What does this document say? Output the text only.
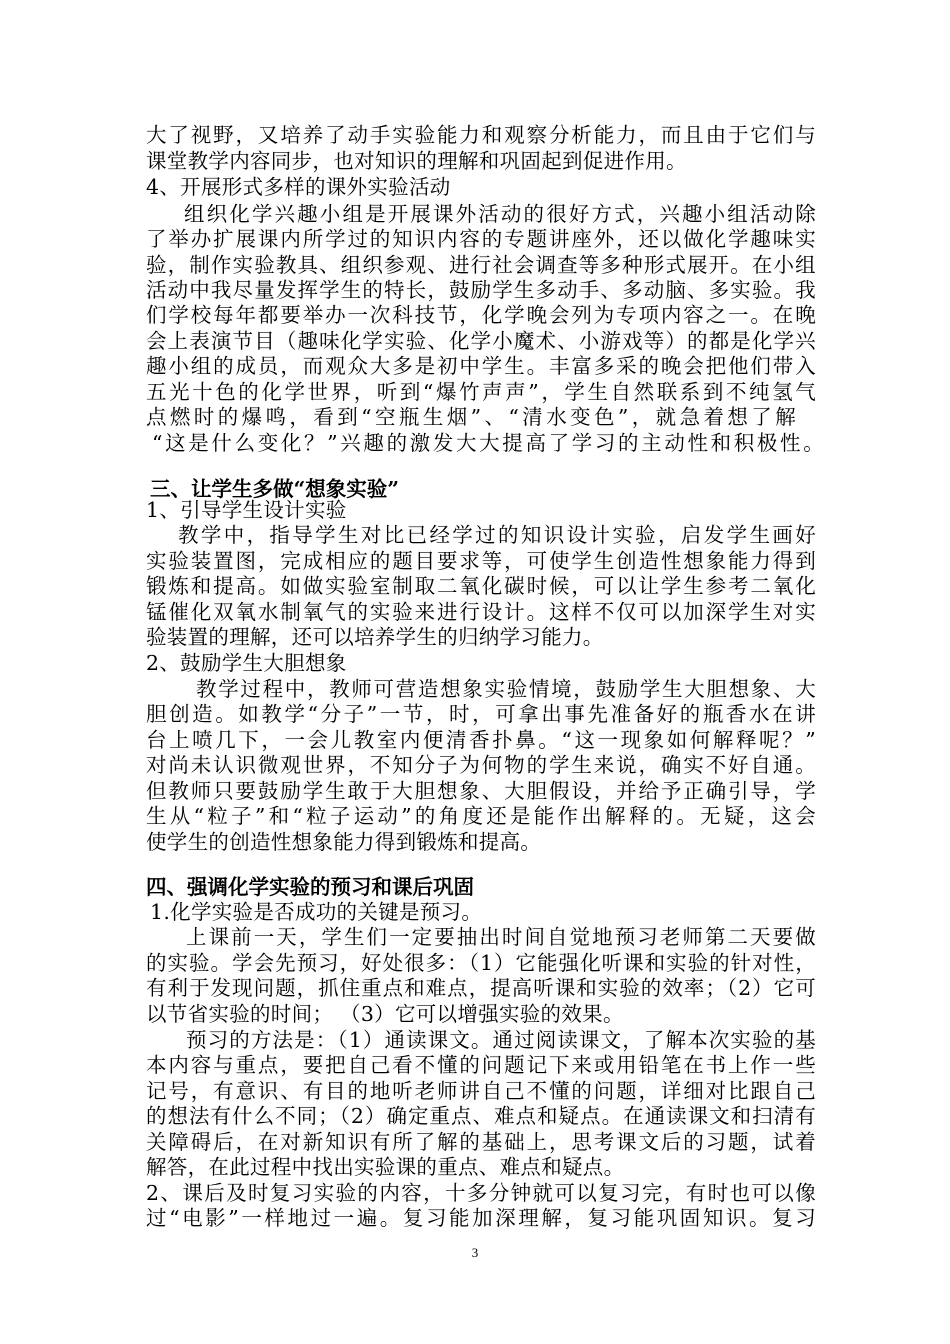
大了视野，又培养了动手实验能力和观察分析能力，而且由于它们与
课堂教学内容同步，也对知识的理解和巩固起到促进作用。
4、开展形式多样的课外实验活动
组织化学兴趣小组是开展课外活动的很好方式，兴趣小组活动除
了举办扩展课内所学过的知识内容的专题讲座外，还以做化学趣味实
验，制作实验教具、组织参观、进行社会调查等多种形式展开。在小组
活动中我尽量发挥学生的特长，鼓励学生多动手、多动脑、多实验。我
们学校每年都要举办一次科技节，化学晚会列为专项内容之一。在晚
会上表演节目（趣味化学实验、化学小魔术、小游戏等）的都是化学兴
趣小组的成员，而观众大多是初中学生。丰富多采的晚会把他们带入
五光十色的化学世界，听到“爆竹声声”，学生自然联系到不纯氢气
点燃时的爆鸣，看到“空瓶生烟”、“清水变色”，就急着想了解
“这是什么变化？”兴趣的激发大大提高了学习的主动性和积极性。
三、让学生多做“想象实验”
1、引导学生设计实验
教学中，指导学生对比已经学过的知识设计实验，启发学生画好
实验装置图，完成相应的题目要求等，可使学生创造性想象能力得到
锻炼和提高。如做实验室制取二氧化碳时候，可以让学生参考二氧化
锰催化双氧水制氧气的实验来进行设计。这样不仅可以加深学生对实
验装置的理解，还可以培养学生的归纳学习能力。
2、鼓励学生大胆想象
教学过程中，教师可营造想象实验情境，鼓励学生大胆想象、大
胆创造。如教学“分子”一节，时，可拿出事先准备好的瓶香水在讲
台上喷几下，一会儿教室内便清香扑鼻。“这一现象如何解释呢？”
对尚未认识微观世界，不知分子为何物的学生来说，确实不好自通。
但教师只要鼓励学生敢于大胆想象、大胆假设，并给予正确引导，学
生从“粒子”和“粒子运动”的角度还是能作出解释的。无疑，这会
使学生的创造性想象能力得到锻炼和提高。
四、强调化学实验的预习和课后巩固
1.化学实验是否成功的关键是预习。
上课前一天，学生们一定要抽出时间自觉地预习老师第二天要做
的实验。学会先预习，好处很多：（1）它能强化听课和实验的针对性，
有利于发现问题，抓住重点和难点，提高听课和实验的效率；（2）它可
以节省实验的时间； （3）它可以增强实验的效果。
预习的方法是：（1）通读课文。通过阅读课文，了解本次实验的基
本内容与重点，要把自己看不懂的问题记下来或用铅笔在书上作一些
记号，有意识、有目的地听老师讲自己不懂的问题，详细对比跟自己
的想法有什么不同；（2）确定重点、难点和疑点。在通读课文和扫清有
关障碍后，在对新知识有所了解的基础上，思考课文后的习题，试着
解答，在此过程中找出实验课的重点、难点和疑点。
2、课后及时复习实验的内容，十多分钟就可以复习完，有时也可以像
过“电影”一样地过一遍。复习能加深理解，复习能巩固知识。复习
3
